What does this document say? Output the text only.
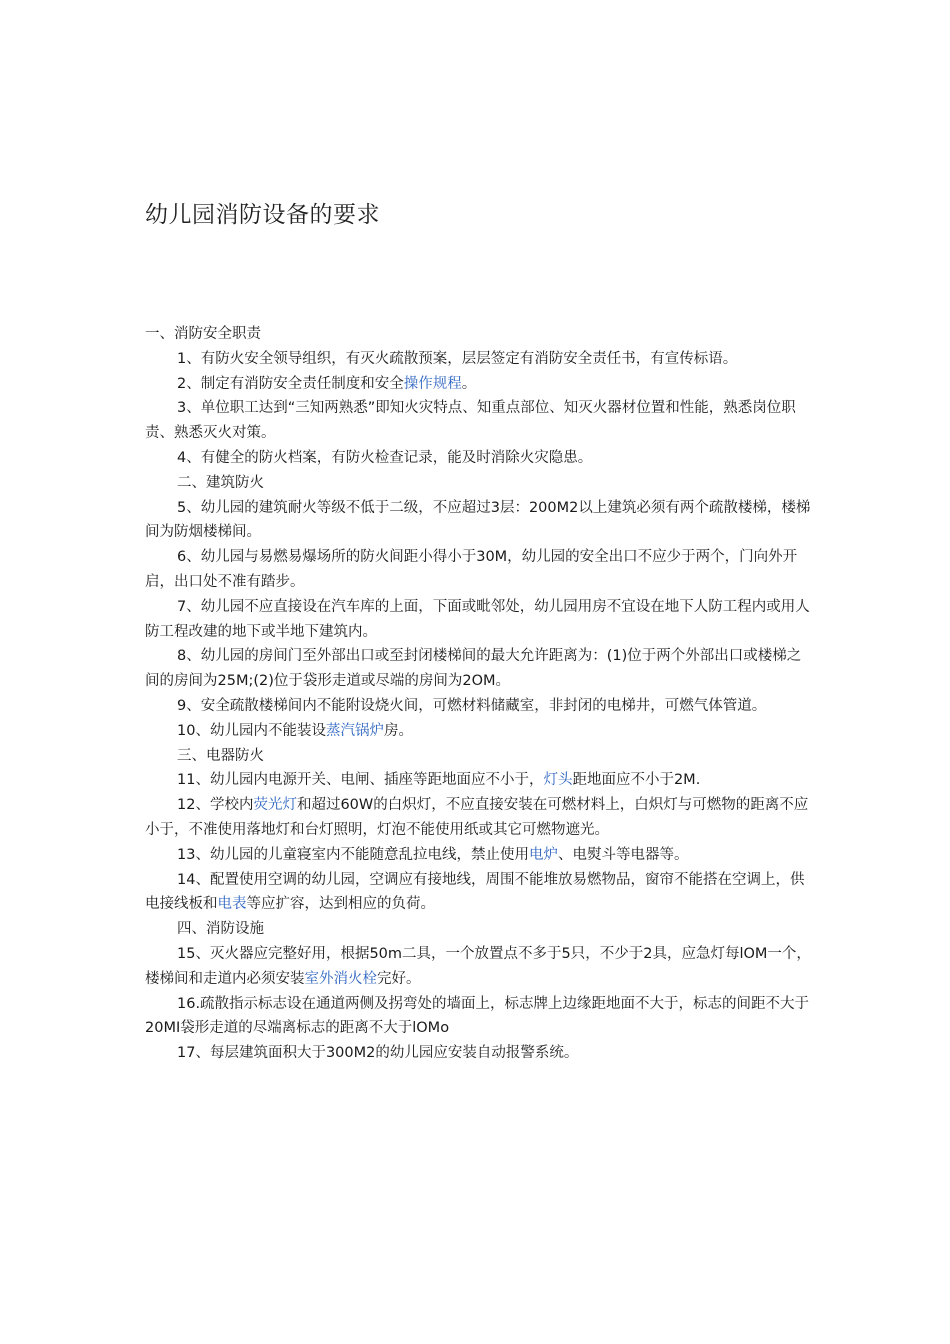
幼儿园消防设备的要求

一、消防安全职责

1、有防火安全领导组织，有灭火疏散预案，层层签定有消防安全责任书，有宣传标语。

2、制定有消防安全责任制度和安全操作规程。

3、单位职工达到“三知两熟悉”即知火灾特点、知重点部位、知灭火器材位置和性能，熟悉岗位职责、熟悉灭火对策。

4、有健全的防火档案，有防火检查记录，能及时消除火灾隐患。

二、建筑防火

5、幼儿园的建筑耐火等级不低于二级，不应超过3层：200M2以上建筑必须有两个疏散楼梯，楼梯间为防烟楼梯间。

6、幼儿园与易燃易爆场所的防火间距小得小于30M，幼儿园的安全出口不应少于两个，门向外开启，出口处不准有踏步。

7、幼儿园不应直接设在汽车库的上面，下面或毗邻处，幼儿园用房不宜设在地下人防工程内或用人防工程改建的地下或半地下建筑内。

8、幼儿园的房间门至外部出口或至封闭楼梯间的最大允许距离为：(1)位于两个外部出口或楼梯之间的房间为25M;(2)位于袋形走道或尽端的房间为2OM。

9、安全疏散楼梯间内不能附设烧火间，可燃材料储藏室，非封闭的电梯井，可燃气体管道。

10、幼儿园内不能装设蒸汽锅炉房。

三、电器防火

11、幼儿园内电源开关、电闸、插座等距地面应不小于，灯头距地面应不小于2M.

12、学校内荧光灯和超过60W的白炽灯，不应直接安装在可燃材料上，白炽灯与可燃物的距离不应小于，不准使用落地灯和台灯照明，灯泡不能使用纸或其它可燃物遮光。

13、幼儿园的儿童寝室内不能随意乱拉电线，禁止使用电炉、电熨斗等电器等。

14、配置使用空调的幼儿园，空调应有接地线，周围不能堆放易燃物品，窗帘不能搭在空调上，供电接线板和电表等应扩容，达到相应的负荷。

四、消防设施

15、灭火器应完整好用，根据50m二具，一个放置点不多于5只，不少于2具，应急灯每lOM一个，楼梯间和走道内必须安装室外消火栓完好。

16.疏散指示标志设在通道两侧及拐弯处的墙面上，标志牌上边缘距地面不大于，标志的间距不大于20MI袋形走道的尽端离标志的距离不大于lOMo

17、每层建筑面积大于300M2的幼儿园应安装自动报警系统。
